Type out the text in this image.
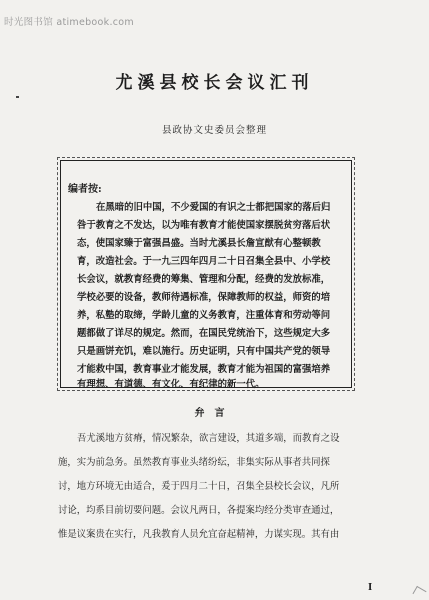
时光图书馆 atimebook.com
尤溪县校长会议汇刊
县政协文史委员会整理
编者按:
在黑暗的旧中国，不少爱国的有识之士都把国家的落后归
咎于教育之不发达，以为唯有教育才能使国家摆脱贫穷落后状
态，使国家臻于富强昌盛。当时尤溪县长詹宣猷有心整顿教
育，改造社会。于一九三四年四月二十日召集全县中、小学校
长会议，就教育经费的筹集、管理和分配，经费的发放标准，
学校必要的设备，教师待遇标准，保障教师的权益，师资的培
养，私塾的取缔，学龄儿童的义务教育，注重体育和劳动等问
题都做了详尽的规定。然而，在国民党统治下，这些规定大多
只是画饼充饥，难以施行。历史证明，只有中国共产党的领导
才能救中国，教育事业才能发展，教育才能为祖国的富强培养
有理想、有道德、有文化、有纪律的新一代。
弁言
吾尤溪地方贫瘠，情况繁杂，欲言建设，其道多端，而教育之设
施，实为前急务。虽然教育事业头绪纷纭，非集实际从事者共同探
讨，地方环境无由适合，爰于四月二十日，召集全县校长会议，凡所
讨论，均系目前切要问题。会议凡两日，各提案均经分类审查通过，
惟是议案贵在实行，凡我教育人员允宜奋起精神，力谋实现。其有由
I
